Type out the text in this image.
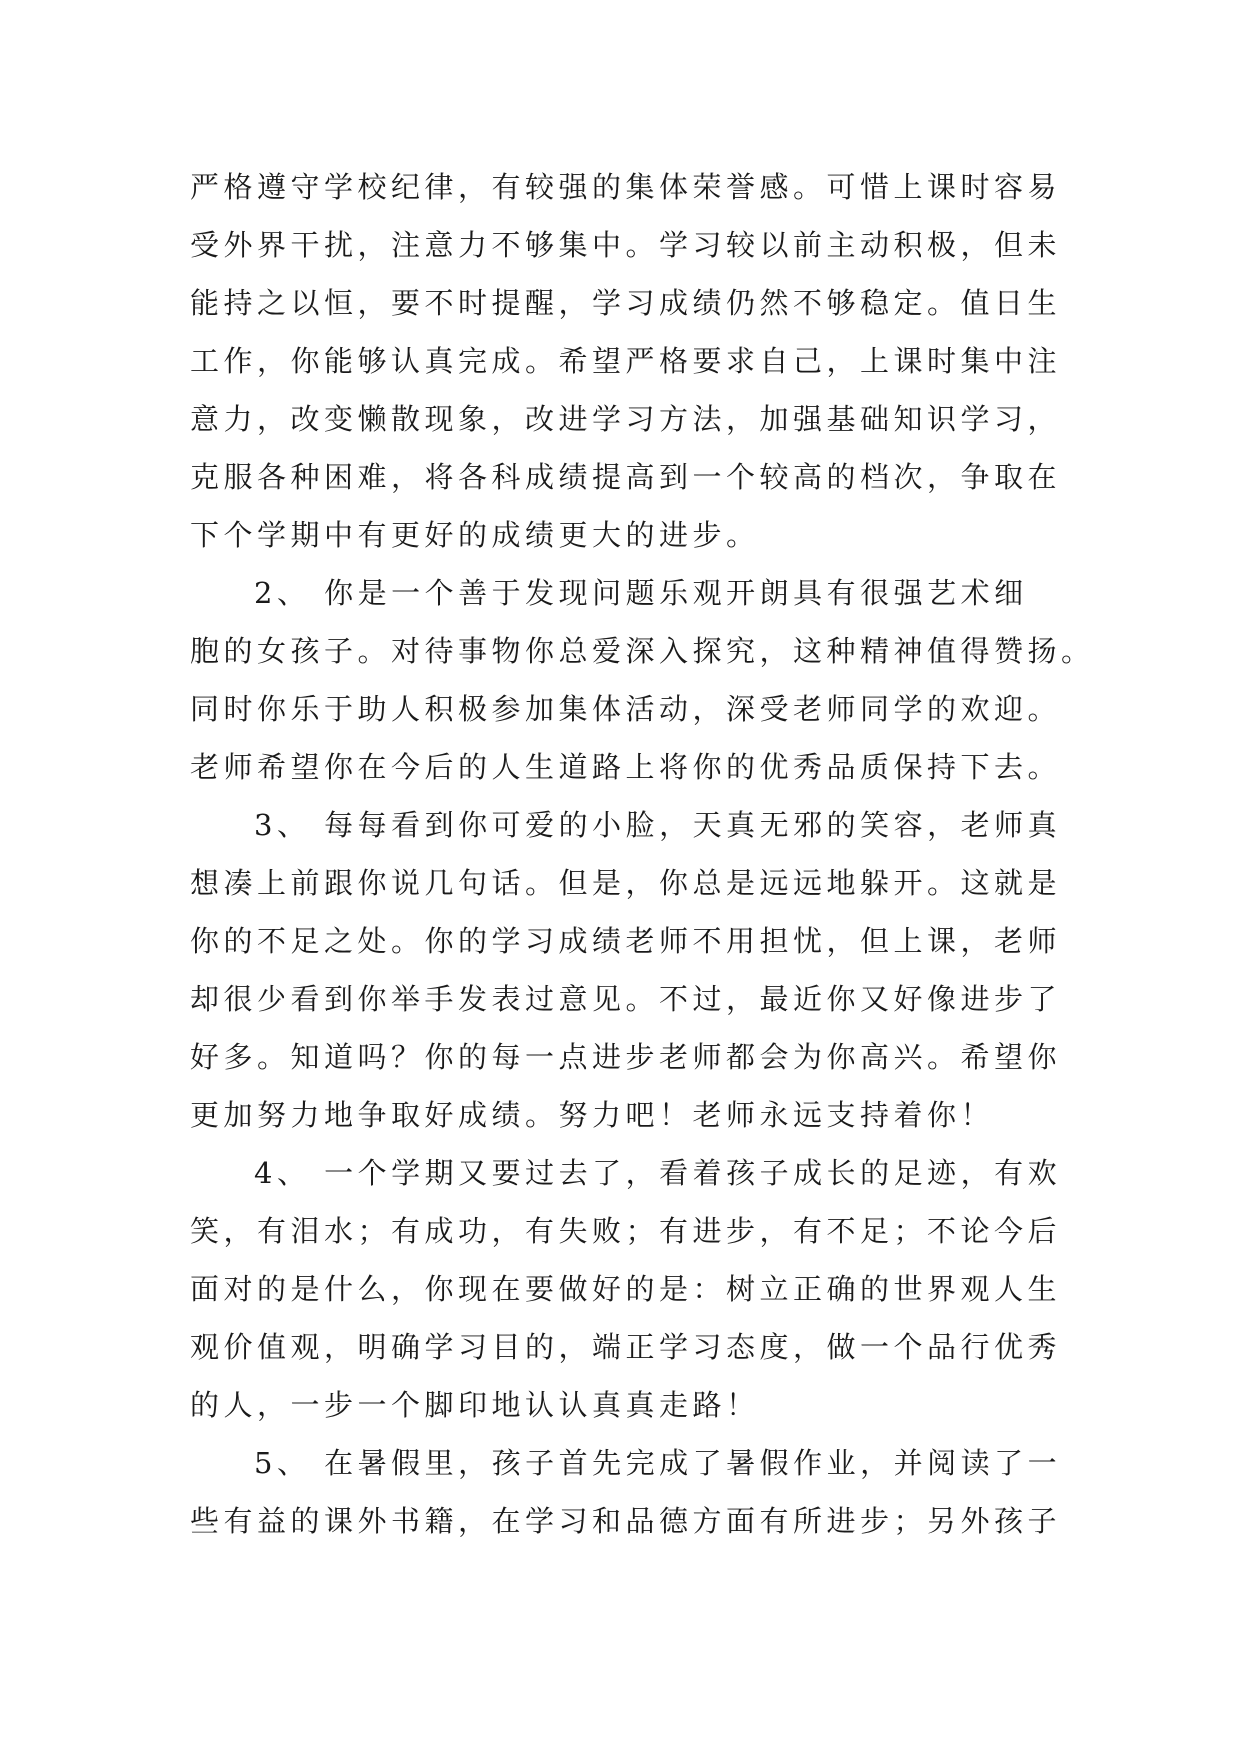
严格遵守学校纪律，有较强的集体荣誉感。可惜上课时容易
受外界干扰，注意力不够集中。学习较以前主动积极，但未
能持之以恒，要不时提醒，学习成绩仍然不够稳定。值日生
工作，你能够认真完成。希望严格要求自己，上课时集中注
意力，改变懒散现象，改进学习方法，加强基础知识学习，
克服各种困难，将各科成绩提高到一个较高的档次，争取在
下个学期中有更好的成绩更大的进步。
2、 你是一个善于发现问题乐观开朗具有很强艺术细
胞的女孩子。对待事物你总爱深入探究，这种精神值得赞扬。
同时你乐于助人积极参加集体活动，深受老师同学的欢迎。
老师希望你在今后的人生道路上将你的优秀品质保持下去。
3、 每每看到你可爱的小脸，天真无邪的笑容，老师真
想凑上前跟你说几句话。但是，你总是远远地躲开。这就是
你的不足之处。你的学习成绩老师不用担忧，但上课，老师
却很少看到你举手发表过意见。不过，最近你又好像进步了
好多。知道吗？你的每一点进步老师都会为你高兴。希望你
更加努力地争取好成绩。努力吧！老师永远支持着你！
4、 一个学期又要过去了，看着孩子成长的足迹，有欢
笑，有泪水；有成功，有失败；有进步，有不足；不论今后
面对的是什么，你现在要做好的是：树立正确的世界观人生
观价值观，明确学习目的，端正学习态度，做一个品行优秀
的人，一步一个脚印地认认真真走路！
5、 在暑假里，孩子首先完成了暑假作业，并阅读了一
些有益的课外书籍，在学习和品德方面有所进步；另外孩子
